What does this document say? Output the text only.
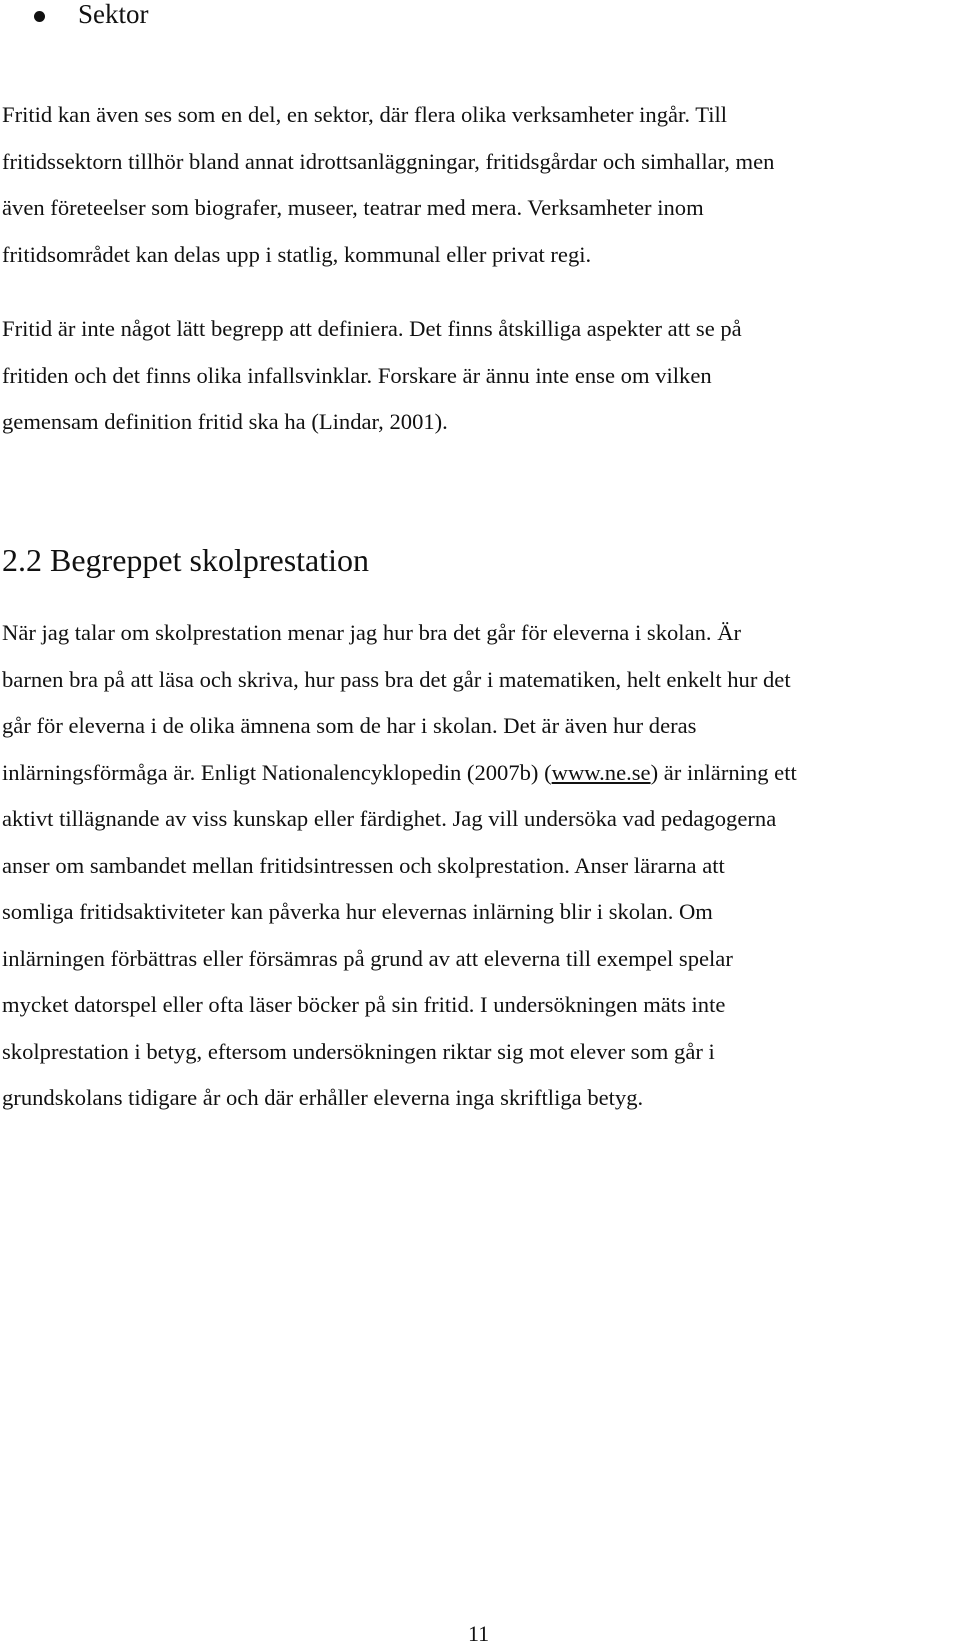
Sektor

Fritid kan även ses som en del, en sektor, där flera olika verksamheter ingår. Till
fritidssektorn tillhör bland annat idrottsanläggningar, fritidsgårdar och simhallar, men
även företeelser som biografer, museer, teatrar med mera. Verksamheter inom
fritidsområdet kan delas upp i statlig, kommunal eller privat regi.

Fritid är inte något lätt begrepp att definiera. Det finns åtskilliga aspekter att se på
fritiden och det finns olika infallsvinklar. Forskare är ännu inte ense om vilken
gemensam definition fritid ska ha (Lindar, 2001).

2.2 Begreppet skolprestation

När jag talar om skolprestation menar jag hur bra det går för eleverna i skolan. Är
barnen bra på att läsa och skriva, hur pass bra det går i matematiken, helt enkelt hur det
går för eleverna i de olika ämnena som de har i skolan. Det är även hur deras
inlärningsförmåga är. Enligt Nationalencyklopedin (2007b) (www.ne.se) är inlärning ett
aktivt tillägnande av viss kunskap eller färdighet. Jag vill undersöka vad pedagogerna
anser om sambandet mellan fritidsintressen och skolprestation. Anser lärarna att
somliga fritidsaktiviteter kan påverka hur elevernas inlärning blir i skolan. Om
inlärningen förbättras eller försämras på grund av att eleverna till exempel spelar
mycket datorspel eller ofta läser böcker på sin fritid. I undersökningen mäts inte
skolprestation i betyg, eftersom undersökningen riktar sig mot elever som går i
grundskolans tidigare år och där erhåller eleverna inga skriftliga betyg.

11
